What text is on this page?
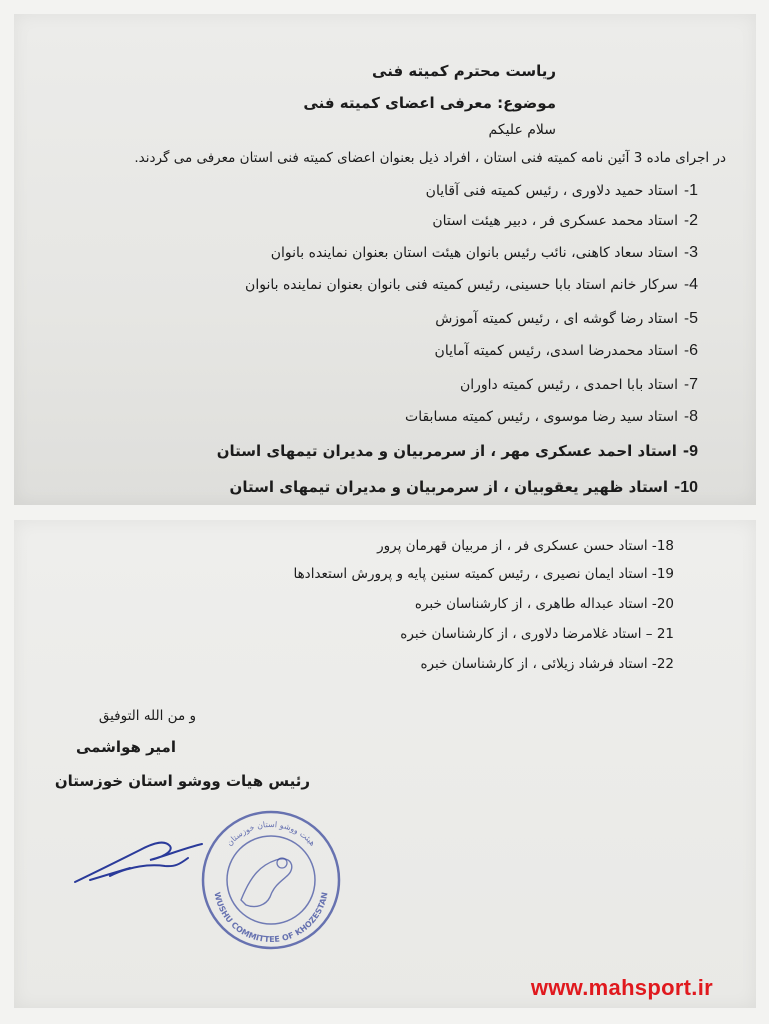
ریاست محترم کمیته فنی
موضوع: معرفی اعضای کمیته فنی
سلام علیکم
در اجرای ماده 3 آئین نامه کمیته فنی استان ، افراد ذیل بعنوان اعضای کمیته فنی استان معرفی می گردند.
1-استاد حمید دلاوری ، رئیس کمیته فنی آقایان
2-استاد محمد عسکری فر ، دبیر هیئت استان
3-استاد سعاد کاهنی، نائب رئیس بانوان هیئت استان بعنوان نماینده بانوان
4-سرکار خانم استاد بابا حسینی، رئیس کمیته فنی بانوان بعنوان نماینده بانوان
5-استاد رضا گوشه ای ، رئیس کمیته آموزش
6-استاد محمدرضا اسدی، رئیس کمیته آمایان
7-استاد بابا احمدی ، رئیس کمیته داوران
8-استاد سید رضا موسوی ، رئیس کمیته مسابقات
9-استاد احمد عسکری مهر ، از سرمربیان و مدیران تیمهای استان
10-استاد ظهیر یعقوبیان ، از سرمربیان و مدیران تیمهای استان
18- استاد حسن عسکری فر ، از مربیان قهرمان پرور
19- استاد ایمان نصیری ، رئیس کمیته سنین پایه و پرورش استعدادها
20- استاد عبداله طاهری ، از کارشناسان خبره
21 – استاد غلامرضا دلاوری ، از کارشناسان خبره
22- استاد فرشاد زیلائی ، از کارشناسان خبره
و من الله التوفیق
امیر هواشمی
رئیس هیات ووشو استان خوزستان
هیئت ووشو استان خوزستان
WUSHU COMMITTEE OF KHOZESTAN
www.mahsport.ir
